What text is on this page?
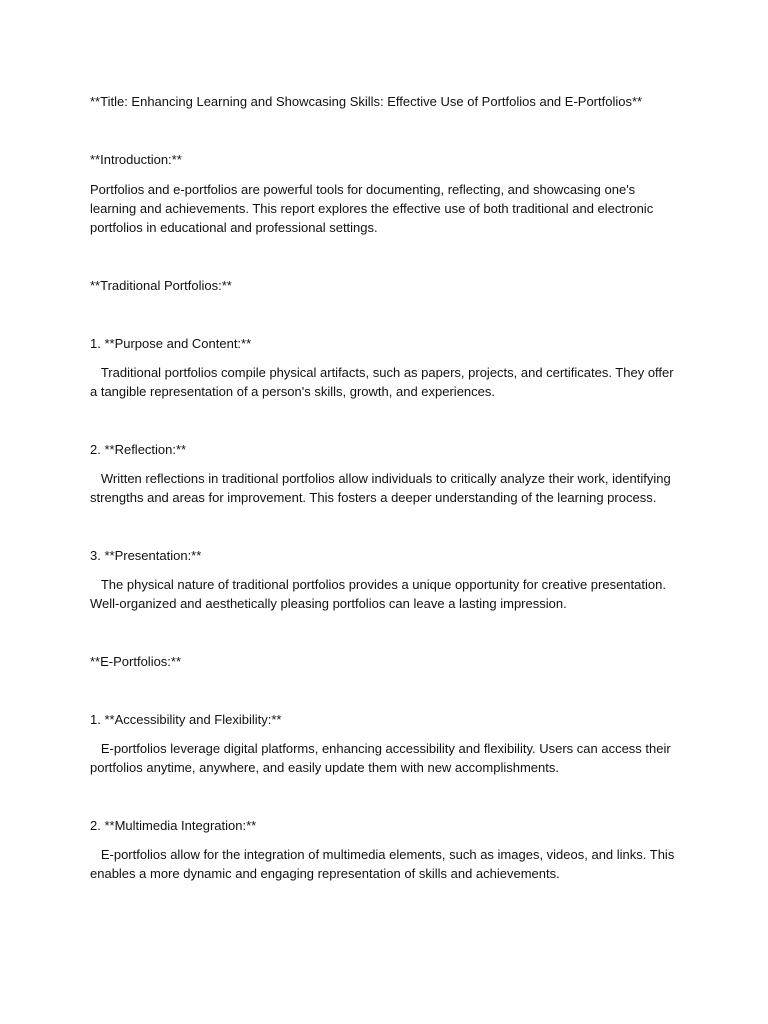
**Title: Enhancing Learning and Showcasing Skills: Effective Use of Portfolios and E-Portfolios**
**Introduction:**
Portfolios and e-portfolios are powerful tools for documenting, reflecting, and showcasing one's learning and achievements. This report explores the effective use of both traditional and electronic portfolios in educational and professional settings.
**Traditional Portfolios:**
1. **Purpose and Content:**
Traditional portfolios compile physical artifacts, such as papers, projects, and certificates. They offer a tangible representation of a person's skills, growth, and experiences.
2. **Reflection:**
Written reflections in traditional portfolios allow individuals to critically analyze their work, identifying strengths and areas for improvement. This fosters a deeper understanding of the learning process.
3. **Presentation:**
The physical nature of traditional portfolios provides a unique opportunity for creative presentation. Well-organized and aesthetically pleasing portfolios can leave a lasting impression.
**E-Portfolios:**
1. **Accessibility and Flexibility:**
E-portfolios leverage digital platforms, enhancing accessibility and flexibility. Users can access their portfolios anytime, anywhere, and easily update them with new accomplishments.
2. **Multimedia Integration:**
E-portfolios allow for the integration of multimedia elements, such as images, videos, and links. This enables a more dynamic and engaging representation of skills and achievements.
